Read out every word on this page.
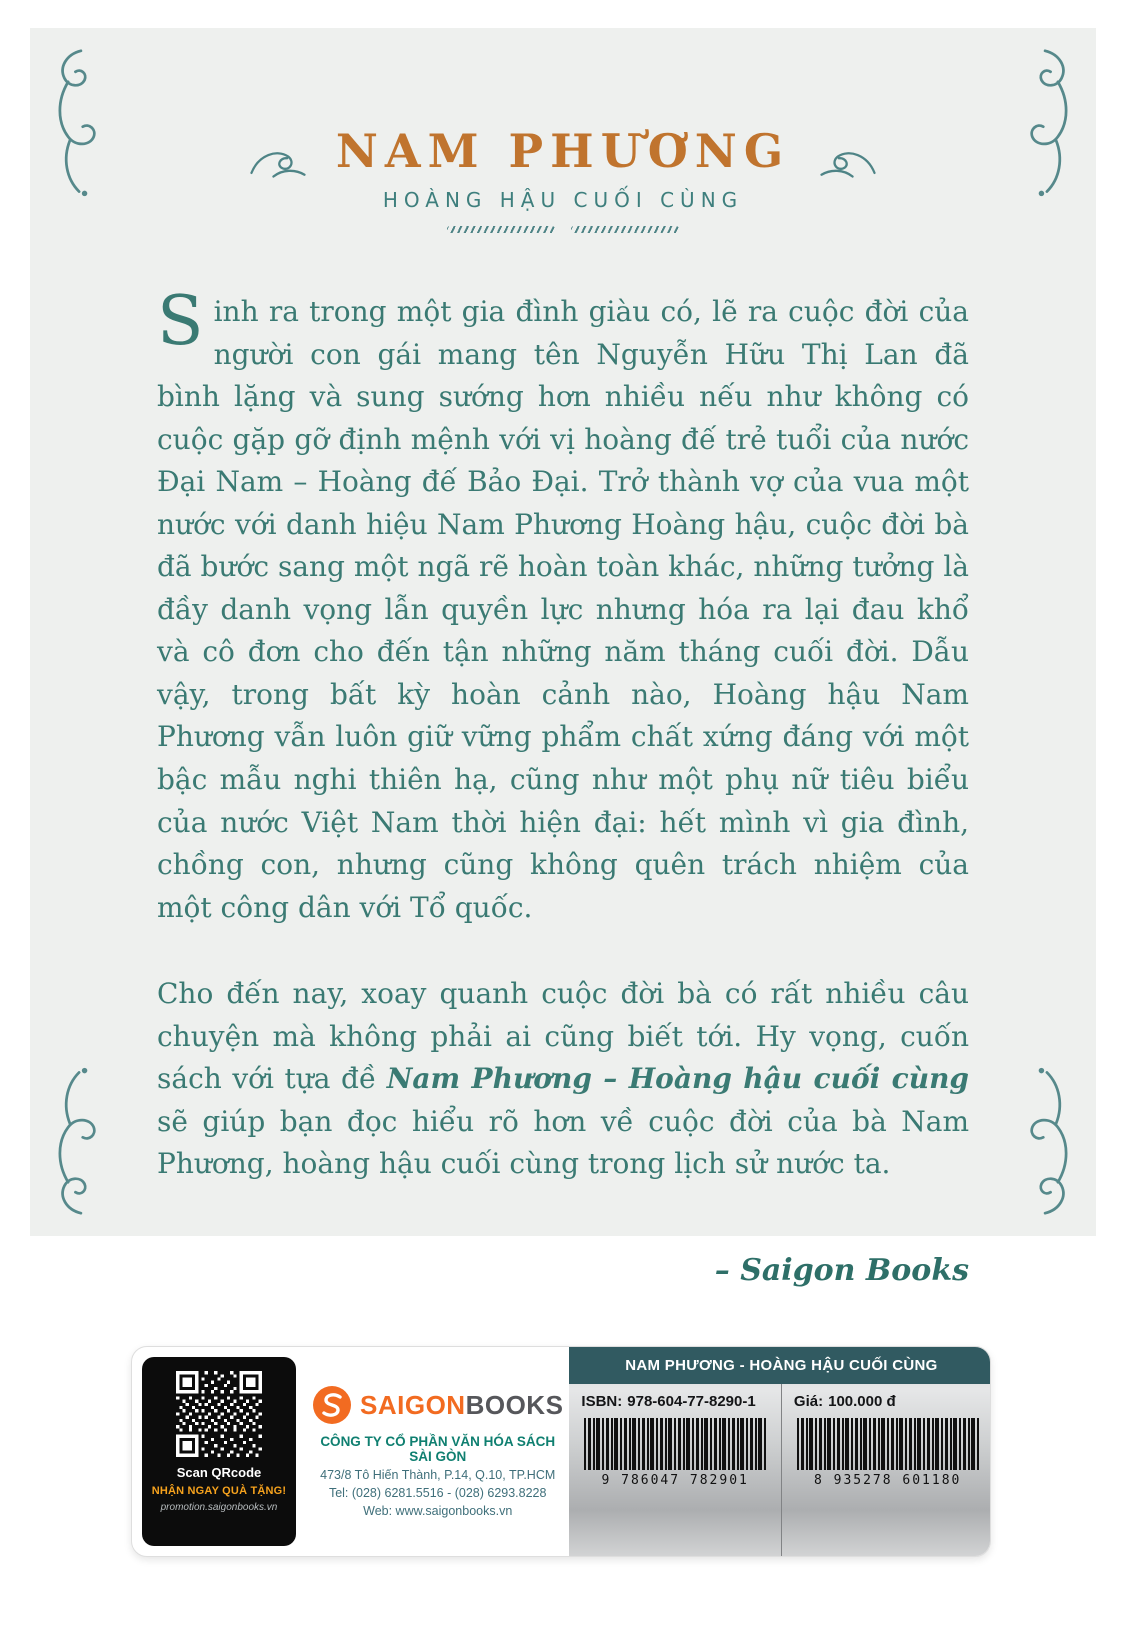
NAM PHƯƠNG
HOÀNG HẬU CUỐI CÙNG

Sinh ra trong một gia đình giàu có, lẽ ra cuộc đời của người con gái mang tên Nguyễn Hữu Thị Lan đã bình lặng và sung sướng hơn nhiều nếu như không có cuộc gặp gỡ định mệnh với vị hoàng đế trẻ tuổi của nước Đại Nam – Hoàng đế Bảo Đại. Trở thành vợ của vua một nước với danh hiệu Nam Phương Hoàng hậu, cuộc đời bà đã bước sang một ngã rẽ hoàn toàn khác, những tưởng là đầy danh vọng lẫn quyền lực nhưng hóa ra lại đau khổ và cô đơn cho đến tận những năm tháng cuối đời. Dẫu vậy, trong bất kỳ hoàn cảnh nào, Hoàng hậu Nam Phương vẫn luôn giữ vững phẩm chất xứng đáng với một bậc mẫu nghi thiên hạ, cũng như một phụ nữ tiêu biểu của nước Việt Nam thời hiện đại: hết mình vì gia đình, chồng con, nhưng cũng không quên trách nhiệm của một công dân với Tổ quốc.

Cho đến nay, xoay quanh cuộc đời bà có rất nhiều câu chuyện mà không phải ai cũng biết tới. Hy vọng, cuốn sách với tựa đề Nam Phương – Hoàng hậu cuối cùng sẽ giúp bạn đọc hiểu rõ hơn về cuộc đời của bà Nam Phương, hoàng hậu cuối cùng trong lịch sử nước ta.

– Saigon Books

Scan QRcode
NHẬN NGAY QUÀ TẶNG!
promotion.saigonbooks.vn
SAIGONBOOKS
CÔNG TY CỔ PHẦN VĂN HÓA SÁCH SÀI GÒN
473/8 Tô Hiến Thành, P.14, Q.10, TP.HCM
Tel: (028) 6281.5516 - (028) 6293.8228
Web: www.saigonbooks.vn
NAM PHƯƠNG - HOÀNG HẬU CUỐI CÙNG
ISBN: 978-604-77-8290-1
9 786047 782901
Giá: 100.000 đ
8 935278 601180
